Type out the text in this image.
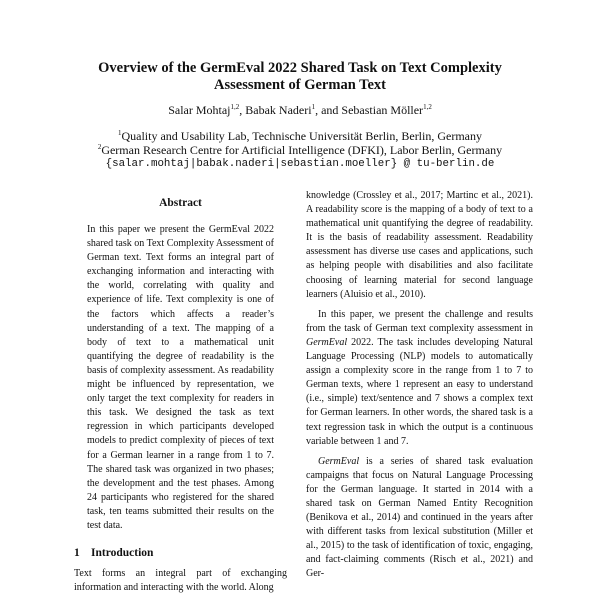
Overview of the GermEval 2022 Shared Task on Text Complexity
Assessment of German Text
Salar Mohtaj$^{1,2}$, Babak Naderi$^1$, and Sebastian Möller$^{1,2}$
$^1$Quality and Usability Lab, Technische Universität Berlin, Berlin, Germany
$^2$German Research Centre for Artificial Intelligence (DFKI), Labor Berlin, Germany
{salar.mohtaj|babak.naderi|sebastian.moeller} @ tu-berlin.de
Abstract

In this paper we present the GermEval 2022 shared task on Text Complexity Assessment of German text. Text forms an integral part of exchanging information and interacting with the world, correlating with quality and experience of life. Text complexity is one of the factors which affects a reader’s understanding of a text. The mapping of a body of text to a mathematical unit quantifying the degree of readability is the basis of complexity assessment. As readability might be influenced by representation, we only target the text complexity for readers in this task. We designed the task as text regression in which participants developed models to predict complexity of pieces of text for a German learner in a range from 1 to 7. The shared task was organized in two phases; the development and the test phases. Among 24 participants who registered for the shared task, ten teams submitted their results on the test data.

1 Introduction

Text forms an integral part of exchanging information and interacting with the world. Along

knowledge (Crossley et al., 2017; Martinc et al., 2021). A readability score is the mapping of a body of text to a mathematical unit quantifying the degree of readability. It is the basis of readability assessment. Readability assessment has diverse use cases and applications, such as helping people with disabilities and also facilitate choosing of learning material for second language learners (Aluisio et al., 2010).

In this paper, we present the challenge and results from the task of German text complexity assessment in GermEval 2022. The task includes developing Natural Language Processing (NLP) models to automatically assign a complexity score in the range from 1 to 7 to German texts, where 1 represent an easy to understand (i.e., simple) text/sentence and 7 shows a complex text for German learners. In other words, the shared task is a text regression task in which the output is a continuous variable between 1 and 7.

GermEval is a series of shared task evaluation campaigns that focus on Natural Language Processing for the German language. It started in 2014 with a shared task on German Named Entity Recognition (Benikova et al., 2014) and continued in the years after with different tasks from lexical substitution (Miller et al., 2015) to the task of identification of toxic, engaging, and fact-claiming comments (Risch et al., 2021) and Ger-
